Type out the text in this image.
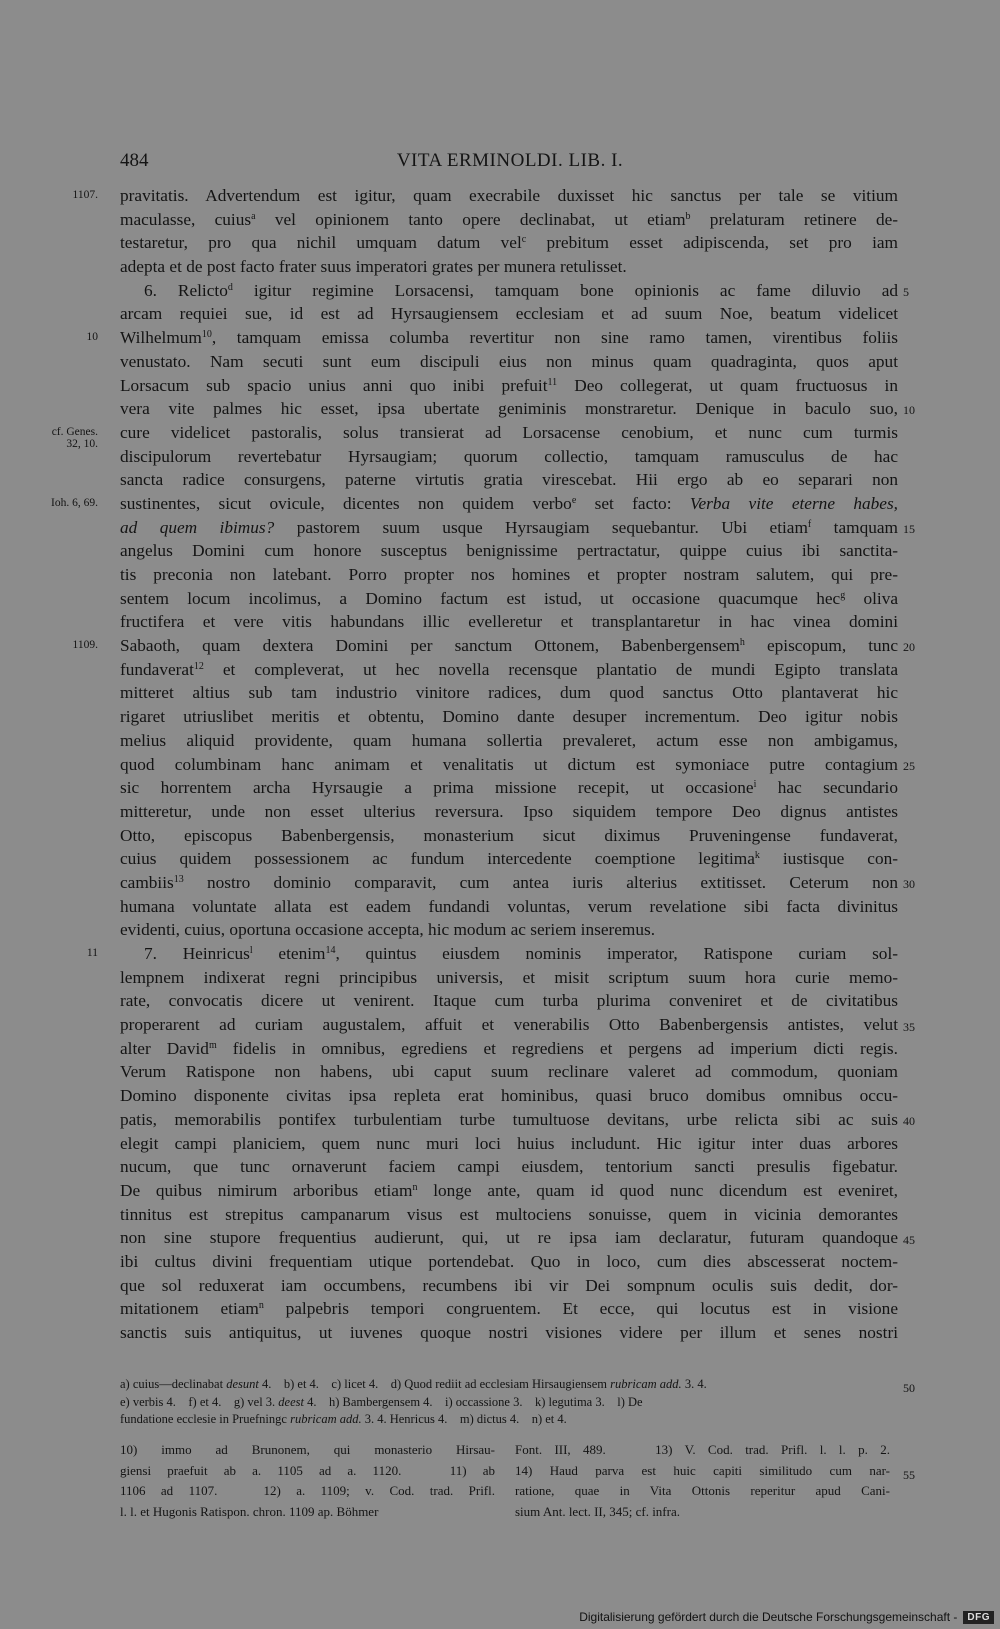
484	VITA ERMINOLDI. LIB. I.
pravitatis. Advertendum est igitur, quam execrabile duxisset hic sanctus per tale se vitium
maculasse, cuius$^a$ vel opinionem tanto opere declinabat, ut etiam$^b$ prelaturam retinere de-
testaretur, pro qua nichil umquam datum vel$^c$ prebitum esset adipiscenda, set pro iam
adepta et de post facto frater suus imperatori grates per munera retulisset.
6. Relicto$^d$ igitur regimine Lorsacensi, tamquam bone opinionis ac fame diluvio ad
arcam requiei sue, id est ad Hyrsaugiensem ecclesiam et ad suum Noe, beatum videlicet
Wilhelmum$^{10}$, tamquam emissa columba revertitur non sine ramo tamen, virentibus foliis
venustato. Nam secuti sunt eum discipuli eius non minus quam quadraginta, quos aput
Lorsacum sub spacio unius anni quo inibi prefuit$^{11}$ Deo collegerat, ut quam fructuosus in
vera vite palmes hic esset, ipsa ubertate geniminis monstraretur. Denique in baculo suo,
cure videlicet pastoralis, solus transierat ad Lorsacense cenobium, et nunc cum turmis
discipulorum revertebatur Hyrsaugiam; quorum collectio, tamquam ramusculus de hac
sancta radice consurgens, paterne virtutis gratia virescebat. Hii ergo ab eo separari non
sustinentes, sicut ovicule, dicentes non quidem verbo$^e$ set facto: Verba vite eterne habes,
ad quem ibimus? pastorem suum usque Hyrsaugiam sequebantur. Ubi etiam$^f$ tamquam
angelus Domini cum honore susceptus benignissime pertractatur, quippe cuius ibi sanctita-
tis preconia non latebant. Porro propter nos homines et propter nostram salutem, qui pre-
sentem locum incolimus, a Domino factum est istud, ut occasione quacumque hec$^g$ oliva
fructifera et vere vitis habundans illic evelleretur et transplantaretur in hac vinea domini
Sabaoth, quam dextera Domini per sanctum Ottonem, Babenbergensem$^h$ episcopum, tunc
fundaverat$^{12}$ et compleverat, ut hec novella recensque plantatio de mundi Egipto translata
mitteret altius sub tam industrio vinitore radices, dum quod sanctus Otto plantaverat hic
rigaret utriuslibet meritis et obtentu, Domino dante desuper incrementum. Deo igitur nobis
melius aliquid providente, quam humana sollertia prevaleret, actum esse non ambigamus,
quod columbinam hanc animam et venalitatis ut dictum est symoniace putre contagium
sic horrentem archa Hyrsaugie a prima missione recepit, ut occasione$^i$ hac secundario
mitteretur, unde non esset ulterius reversura. Ipso siquidem tempore Deo dignus antistes
Otto, episcopus Babenbergensis, monasterium sicut diximus Pruveningense fundaverat,
cuius quidem possessionem ac fundum intercedente coemptione legitima$^k$ iustisque con-
cambiis$^{13}$ nostro dominio comparavit, cum antea iuris alterius extitisset. Ceterum non
humana voluntate allata est eadem fundandi voluntas, verum revelatione sibi facta divinitus
evidenti, cuius, oportuna occasione accepta, hic modum ac seriem inseremus.
7. Heinricus$^l$ etenim$^{14}$, quintus eiusdem nominis imperator, Ratispone curiam sol-
lempnem indixerat regni principibus universis, et misit scriptum suum hora curie memo-
rate, convocatis dicere ut venirent. Itaque cum turba plurima conveniret et de civitatibus
properarent ad curiam augustalem, affuit et venerabilis Otto Babenbergensis antistes, velut
alter David$^m$ fidelis in omnibus, egrediens et regrediens et pergens ad imperium dicti regis.
Verum Ratispone non habens, ubi caput suum reclinare valeret ad commodum, quoniam
Domino disponente civitas ipsa repleta erat hominibus, quasi bruco domibus omnibus occu-
patis, memorabilis pontifex turbulentiam turbe tumultuose devitans, urbe relicta sibi ac suis
elegit campi planiciem, quem nunc muri loci huius includunt. Hic igitur inter duas arbores
nucum, que tunc ornaverunt faciem campi eiusdem, tentorium sancti presulis figebatur.
De quibus nimirum arboribus etiam$^n$ longe ante, quam id quod nunc dicendum est eveniret,
tinnitus est strepitus campanarum visus est multociens sonuisse, quem in vicinia demorantes
non sine stupore frequentius audierunt, qui, ut re ipsa iam declaratur, futuram quandoque
ibi cultus divini frequentiam utique portendebat. Quo in loco, cum dies abscesserat noctem-
que sol reduxerat iam occumbens, recumbens ibi vir Dei sompnum oculis suis dedit, dor-
mitationem etiam$^n$ palpebris tempori congruentem. Et ecce, qui locutus est in visione
sanctis suis antiquitus, ut iuvenes quoque nostri visiones videre per illum et senes nostri
1107.
10
cf. Genes. 32, 10.
Ioh. 6, 69.
1109.
11
5
10
15
20
25
30
35
40
45
a) cuius—declinabat desunt 4.    b) et 4.    c) licet 4.    d) Quod rediit ad ecclesiam Hirsaugiensem rubricam add. 3. 4.
e) verbis 4.    f) et 4.    g) vel 3. deest 4.    h) Bambergensem 4.    i) occassione 3.    k) legutima 3.    l) De
fundatione ecclesie in Pruefningc rubricam add. 3. 4. Henricus 4.    m) dictus 4.    n) et 4.
50
10) immo ad Brunonem, qui monasterio Hirsau-
giensi praefuit ab a. 1105 ad a. 1120.   11) ab
1106 ad 1107.   12) a. 1109; v. Cod. trad. Prifl.
l. l. et Hugonis Ratispon. chron. 1109 ap. Böhmer
Font. III, 489.    13) V. Cod. trad. Prifl. l. l. p. 2.
14) Haud parva est huic capiti similitudo cum nar-
ratione, quae in Vita Ottonis reperitur apud Cani-
sium Ant. lect. II, 345; cf. infra.
55
Digitalisierung gefördert durch die Deutsche Forschungsgemeinschaft -	DFG
